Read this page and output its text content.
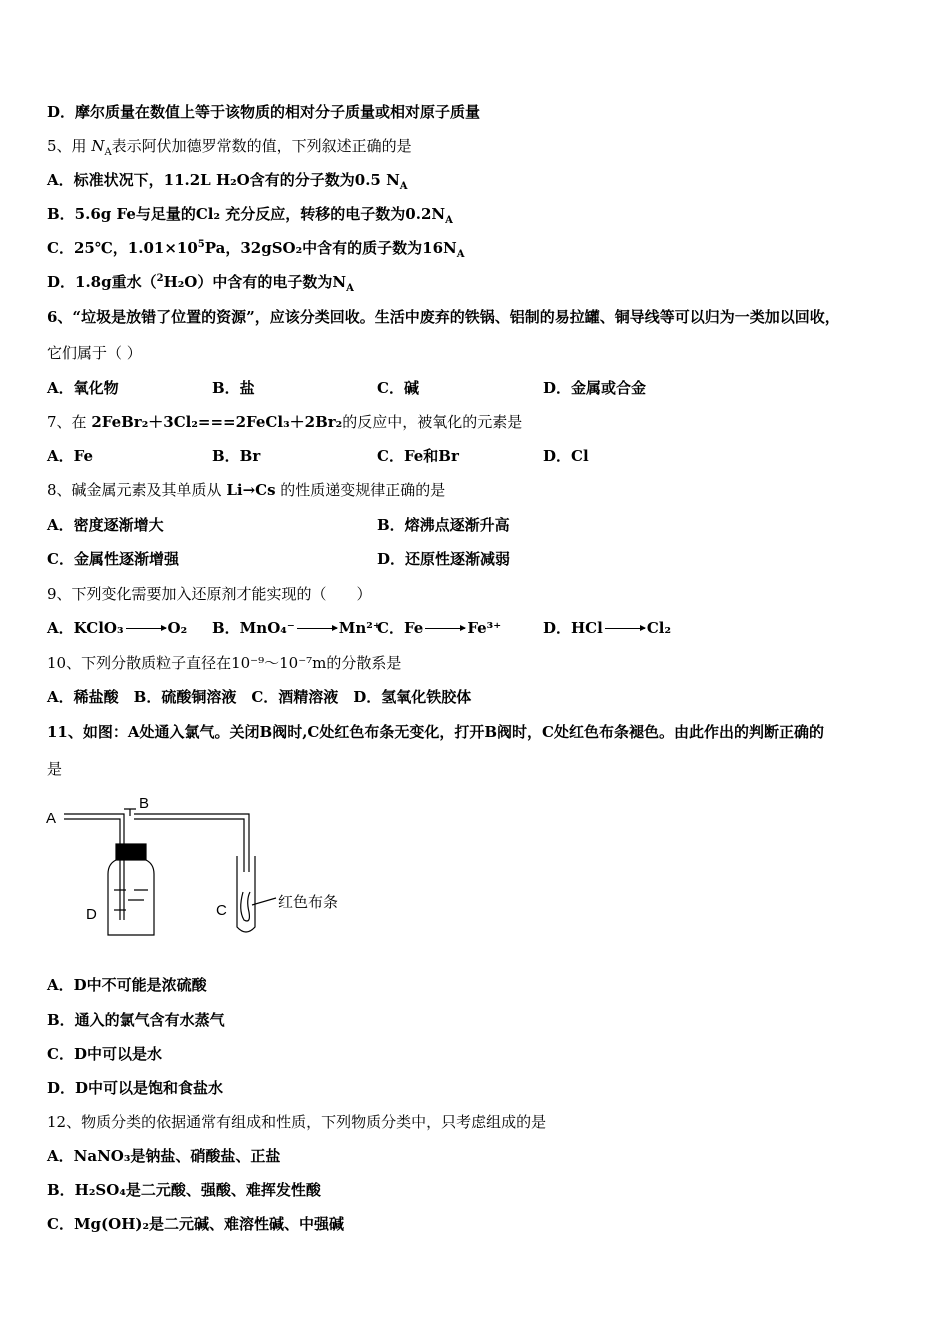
D．摩尔质量在数值上等于该物质的相对分子质量或相对原子质量
5、用 $N_A$表示阿伏加德罗常数的值，下列叙述正确的是
A．标准状况下，11.2L H₂O含有的分子数为0.5 $N_A$
B．5.6g Fe与足量的Cl₂ 充分反应，转移的电子数为$0.2N_A$
C．25℃，$1.01\times 10^5Pa$，32gSO₂中含有的质子数为$16N_A$
D．1.8g重水（$^2$H₂O）中含有的电子数为$N_A$
6、“垃圾是放错了位置的资源”，应该分类回收。生活中废弃的铁锅、铝制的易拉罐、铜导线等可以归为一类加以回收，
它们属于（ ）
A．氧化物	B．盐	C．碱	D．金属或合金
7、在 2FeBr₂＋3Cl₂===2FeCl₃＋2Br₂的反应中，被氧化的元素是
A．Fe	B．Br	C．Fe和Br	D．Cl
8、碱金属元素及其单质从 Li→Cs 的性质递变规律正确的是
A．密度逐渐增大	B．熔沸点逐渐升高
C．金属性逐渐增强	D．还原性逐渐减弱
9、下列变化需要加入还原剂才能实现的（　　）
A．KClO₃	O₂ B．MnO₄⁻	Mn²⁺C．Fe	Fe³⁺	D．HCl	Cl₂
10、下列分散质粒子直径在10⁻⁹～10⁻⁷m的分散系是
A．稀盐酸　B．硫酸铜溶液　C．酒精溶液　D．氢氧化铁胶体
11、如图：A处通入氯气。关闭B阀时,C处红色布条无变化，打开B阀时，C处红色布条褪色。由此作出的判断正确的
是
A
B
C
D
红色布条
A．D中不可能是浓硫酸
B．通入的氯气含有水蒸气
C．D中可以是水
D．D中可以是饱和食盐水
12、物质分类的依据通常有组成和性质，下列物质分类中，只考虑组成的是
A．NaNO₃是钠盐、硝酸盐、正盐
B．H₂SO₄是二元酸、强酸、难挥发性酸
C．Mg(OH)₂是二元碱、难溶性碱、中强碱
